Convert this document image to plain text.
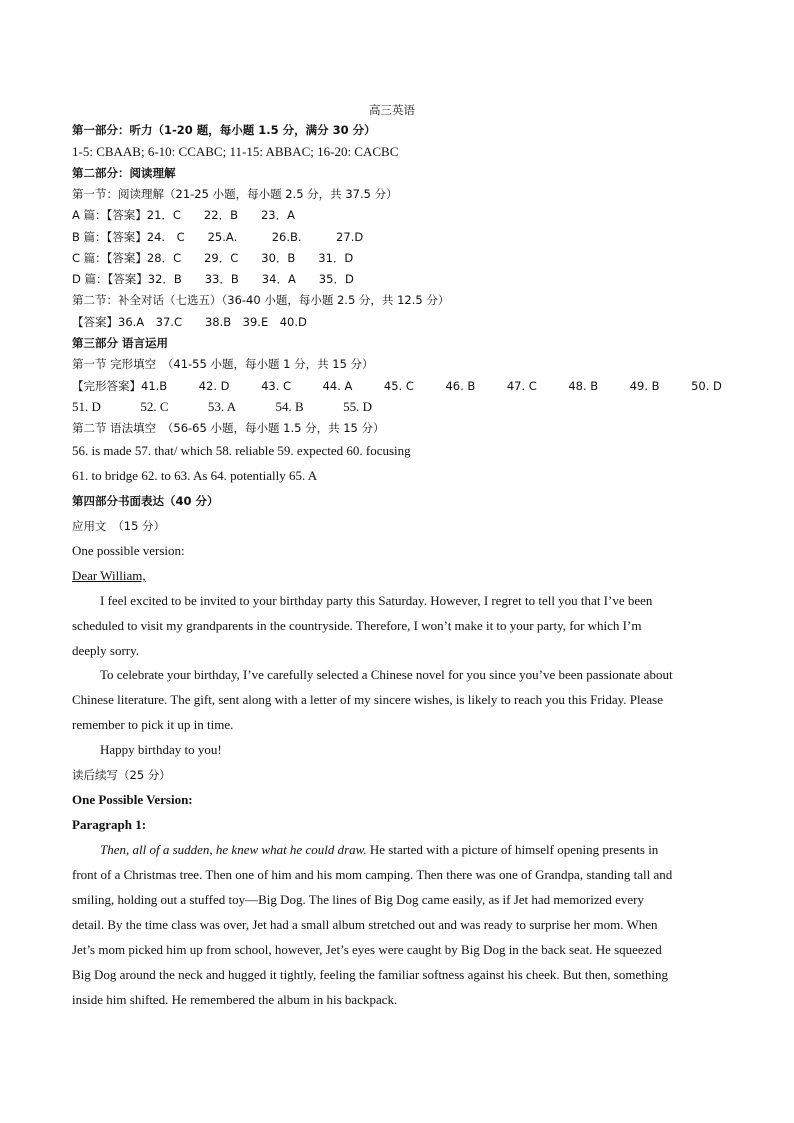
高三英语
第一部分：听力（1-20 题，每小题 1.5 分，满分 30 分）
1-5: CBAAB; 6-10: CCABC; 11-15: ABBAC; 16-20: CACBC
第二部分：阅读理解
第一节：阅读理解（21-25 小题，每小题 2.5 分，共 37.5 分）
A 篇：【答案】21．C　　22．B　　23．A
B 篇：【答案】24.　C　　25.A.　　　26.B.　　　27.D
C 篇：【答案】28．C　　29．C　　30．B　　31．D
D 篇：【答案】32．B　　33．B　　34．A　　35．D
第二节：补全对话（七选五）（36-40 小题，每小题 2.5 分，共 12.5 分）
【答案】36.A　37.C　　38.B　39.E　40.D
第三部分 语言运用
第一节 完形填空　（41-55 小题，每小题 1 分，共 15 分）
【完形答案】41.B	42. D	43. C	44. A	45. C	46. B	47. C	48. B	49. B	50. D
51. D	52. C	53. A	54. B	55. D
第二节 语法填空　（56-65 小题，每小题 1.5 分，共 15 分）
56. is made 57. that/ which 58. reliable 59. expected 60. focusing
61. to bridge 62. to 63. As 64. potentially 65. A
第四部分书面表达（40 分）
应用文　（15 分）
One possible version:
Dear William,
I feel excited to be invited to your birthday party this Saturday. However, I regret to tell you that I’ve been
scheduled to visit my grandparents in the countryside. Therefore, I won’t make it to your party, for which I’m
deeply sorry.
To celebrate your birthday, I’ve carefully selected a Chinese novel for you since you’ve been passionate about
Chinese literature. The gift, sent along with a letter of my sincere wishes, is likely to reach you this Friday. Please
remember to pick it up in time.
Happy birthday to you!
读后续写（25 分）
One Possible Version:
Paragraph 1:
Then, all of a sudden, he knew what he could draw. He started with a picture of himself opening presents in
front of a Christmas tree. Then one of him and his mom camping. Then there was one of Grandpa, standing tall and
smiling, holding out a stuffed toy—Big Dog. The lines of Big Dog came easily, as if Jet had memorized every
detail. By the time class was over, Jet had a small album stretched out and was ready to surprise her mom. When
Jet’s mom picked him up from school, however, Jet’s eyes were caught by Big Dog in the back seat. He squeezed
Big Dog around the neck and hugged it tightly, feeling the familiar softness against his cheek. But then, something
inside him shifted. He remembered the album in his backpack.
